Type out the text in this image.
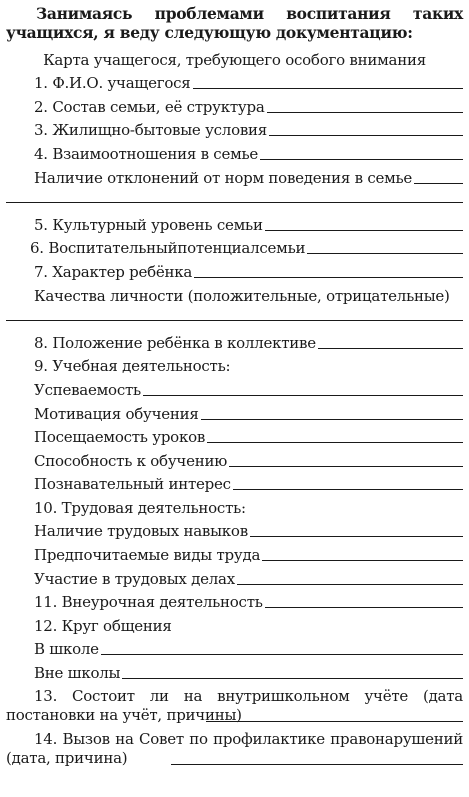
Занимаясь проблемами воспитания таких учащихся, я веду следующую документацию:

Карта учащегося, требующего особого внимания
1. Ф.И.О. учащегося
2. Состав семьи, её структура
3. Жилищно-бытовые условия
4. Взаимоотношения в семье
Наличие отклонений от норм поведения в семье
5. Культурный уровень семьи
6. Воспитательныйпотенциалсемьи
7. Характер ребёнка
Качества личности (положительные, отрицательные)
8. Положение ребёнка в коллективе
9. Учебная деятельность:
Успеваемость
Мотивация обучения
Посещаемость уроков
Способность к обучению
Познавательный интерес
10. Трудовая деятельность:
Наличие трудовых навыков
Предпочитаемые виды труда
Участие в трудовых делах
11. Внеурочная деятельность
12. Круг общения
В школе
Вне школы
13. Состоит ли на внутришкольном учёте (дата постановки на учёт, причины)
14. Вызов на Совет по профилактике правонарушений (дата, причина)
